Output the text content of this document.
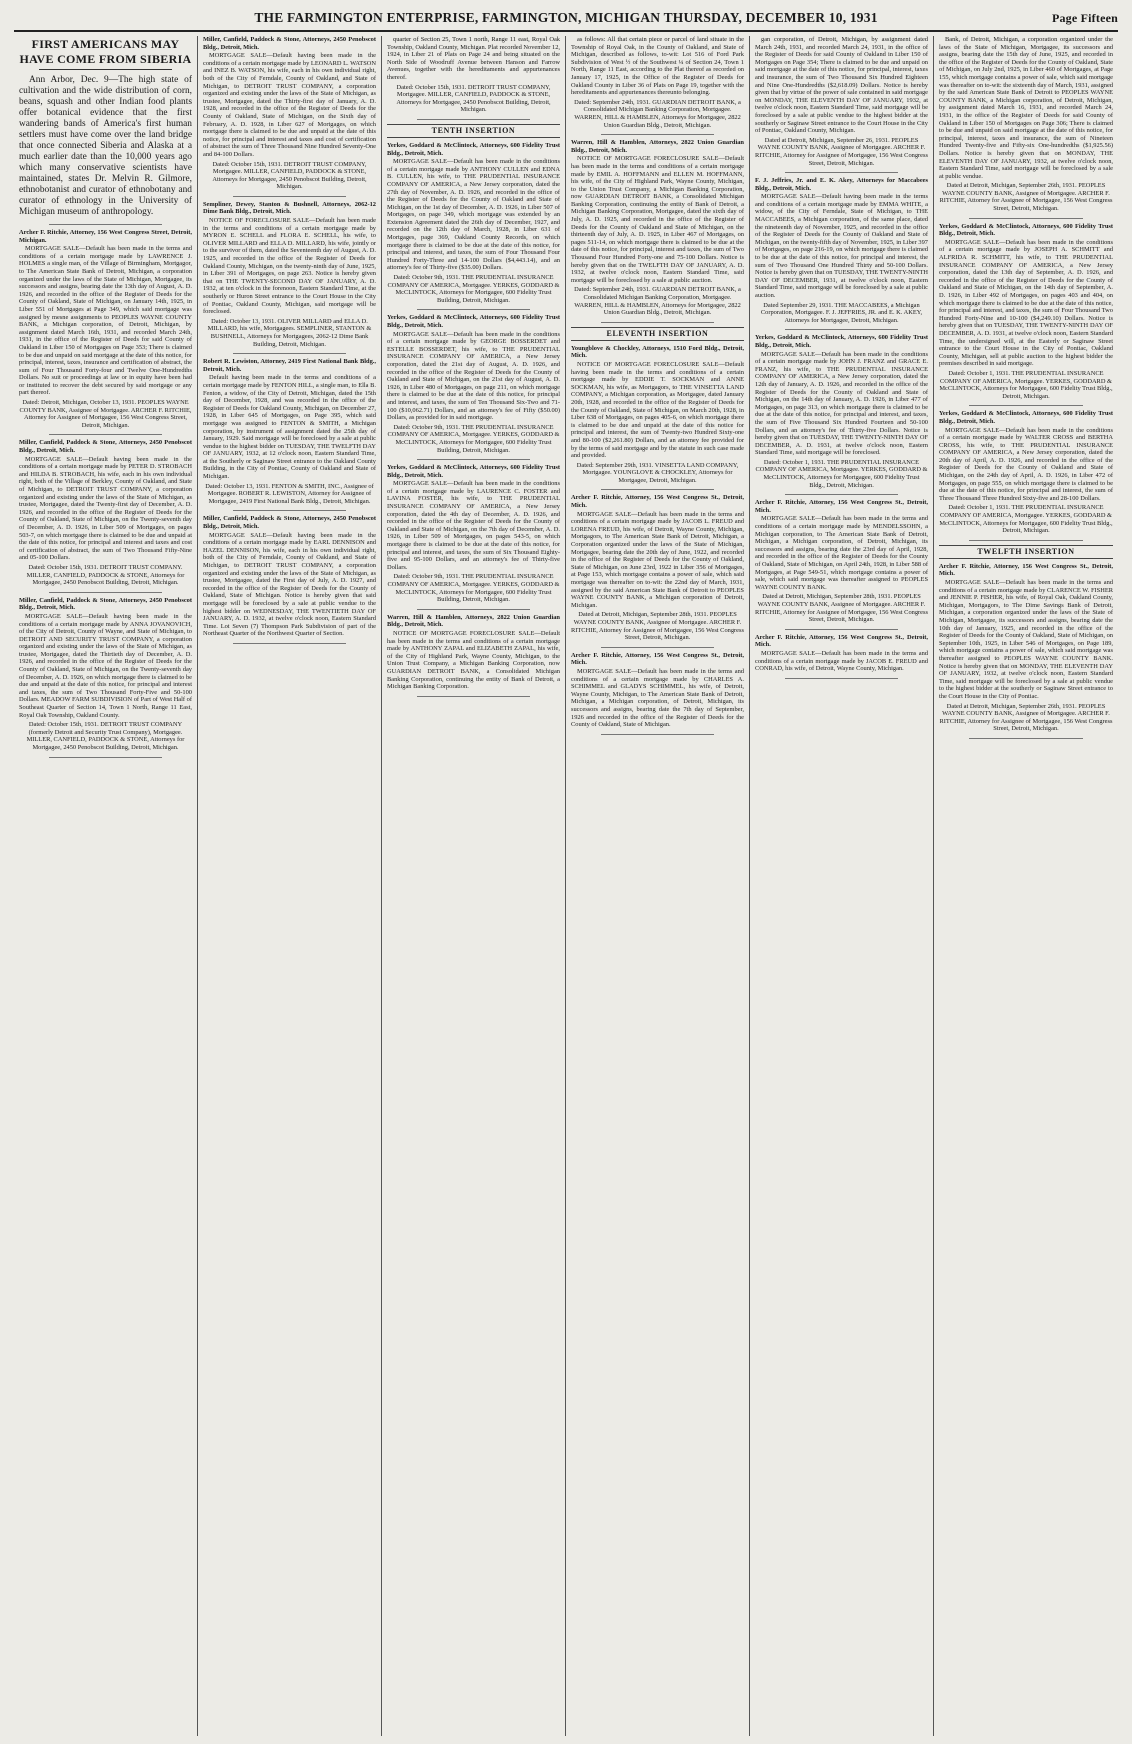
THE FARMINGTON ENTERPRISE, FARMINGTON, MICHIGAN THURSDAY, DECEMBER 10, 1931	Page Fifteen
FIRST AMERICANS MAY
HAVE COME FROM SIBERIA

Ann Arbor, Dec. 9—The high state of cultivation and the wide distribution of corn, beans, squash and other Indian food plants offer botanical evidence that the first wandering bands of America's first human settlers must have come over the land bridge that once connected Siberia and Alaska at a much earlier date than the 10,000 years ago which many conservative scientists have maintained, states Dr. Melvin R. Gilmore, ethnobotanist and curator of ethnobotany and curator of ethnology in the University of Michigan museum of anthropology.

Archer F. Ritchie, Attorney, 156 West Congress Street, Detroit, Michigan.
MORTGAGE SALE—Default has been made in the terms and conditions of a certain mortgage made by LAWRENCE J. HOLMES a single man, of the Village of Birmingham, Mortgagor, to The American State Bank of Detroit, Michigan, a corporation organized under the laws of the State of Michigan, Mortgagee, its successors and assigns, bearing date the 13th day of August, A. D. 1926, and recorded in the office of the Register of Deeds for the County of Oakland, State of Michigan, on January 14th, 1925, in Liber 551 of Mortgages at Page 349, which said mortgage was assigned by mesne assignments to PEOPLES WAYNE COUNTY BANK, a Michigan corporation, of Detroit, Michigan, by assignment dated March 16th, 1931, and recorded March 24th, 1931, in the office of the Register of Deeds for said County of Oakland in Liber 150 of Mortgages on Page 353; There is claimed to be due and unpaid on said mortgage at the date of this notice, for principal, interest, taxes, insurance and certification of abstract, the sum of Four Thousand Forty-four and Twelve One-Hundredths Dollars. No suit or proceedings at law or in equity have been had or instituted to recover the debt secured by said mortgage or any part thereof.
Dated: Detroit, Michigan, October 13, 1931. PEOPLES WAYNE COUNTY BANK, Assignee of Mortgagee. ARCHER F. RITCHIE, Attorney for Assignee of Mortgagee, 156 West Congress Street, Detroit, Michigan.
Miller, Canfield, Paddock & Stone, Attorneys, 2450 Penobscot Bldg., Detroit, Mich.
MORTGAGE SALE—Default having been made in the conditions of a certain mortgage made by PETER D. STROBACH and HILDA B. STROBACH, his wife, each in his own individual right, both of the Village of Berkley, County of Oakland, and State of Michigan, to DETROIT TRUST COMPANY, a corporation organized and existing under the laws of the State of Michigan, as trustee, Mortgagee, dated the Twenty-first day of December, A. D. 1926, and recorded in the office of the Register of Deeds for the County of Oakland, State of Michigan, on the Twenty-seventh day of December, A. D. 1926, in Liber 509 of Mortgages, on pages 503-7, on which mortgage there is claimed to be due and unpaid at the date of this notice, for principal and interest and taxes and cost of certification of abstract, the sum of Two Thousand Fifty-Nine and 05-100 Dollars.
Dated: October 15th, 1931. DETROIT TRUST COMPANY. MILLER, CANFIELD, PADDOCK & STONE, Attorneys for Mortgagee, 2450 Penobscot Building, Detroit, Michigan.
Miller, Canfield, Paddock & Stone, Attorneys, 2450 Penobscot Bldg., Detroit, Mich.
MORTGAGE SALE—Default having been made in the conditions of a certain mortgage made by ANNA JOVANOVICH, of the City of Detroit, County of Wayne, and State of Michigan, to DETROIT AND SECURITY TRUST COMPANY, a corporation organized and existing under the laws of the State of Michigan, as trustee, Mortgagee, dated the Thirtieth day of December, A. D. 1926, and recorded in the office of the Register of Deeds for the County of Oakland, State of Michigan, on the Twenty-seventh day of December, A. D. 1926, on which mortgage there is claimed to be due and unpaid at the date of this notice, for principal and interest and taxes, the sum of Two Thousand Forty-Five and 50-100 Dollars. MEADOW FARM SUBDIVISION of Part of West Half of Southeast Quarter of Section 14, Town 1 North, Range 11 East, Royal Oak Township, Oakland County.
Dated: October 15th, 1931. DETROIT TRUST COMPANY (formerly Detroit and Security Trust Company), Mortgagee. MILLER, CANFIELD, PADDOCK & STONE, Attorneys for Mortgagee, 2450 Penobscot Building, Detroit, Michigan.
Miller, Canfield, Paddock & Stone, Attorneys, 2450 Penobscot Bldg., Detroit, Mich.
MORTGAGE SALE—Default having been made in the conditions of a certain mortgage made by LEONARD L. WATSON and INEZ B. WATSON, his wife, each in his own individual right, both of the City of Ferndale, County of Oakland, and State of Michigan, to DETROIT TRUST COMPANY, a corporation organized and existing under the laws of the State of Michigan, as trustee, Mortgagee, dated the Thirty-first day of January, A. D. 1928, and recorded in the office of the Register of Deeds for the County of Oakland, State of Michigan, on the Sixth day of February, A. D. 1928, in Liber 627 of Mortgages, on which mortgage there is claimed to be due and unpaid at the date of this notice, for principal and interest and taxes and cost of certification of abstract the sum of Three Thousand Nine Hundred Seventy-One and 84-100 Dollars.
Dated: October 15th, 1931. DETROIT TRUST COMPANY, Mortgagee. MILLER, CANFIELD, PADDOCK & STONE, Attorneys for Mortgagee, 2450 Penobscot Building, Detroit, Michigan.
Sempliner, Dewey, Stanton & Bushnell, Attorneys, 2062-12 Dime Bank Bldg., Detroit, Mich.
NOTICE OF FORECLOSURE SALE—Default has been made in the terms and conditions of a certain mortgage made by MYRON E. SCHELL and FLORA E. SCHELL, his wife, to OLIVER MILLARD and ELLA D. MILLARD, his wife, jointly or to the survivor of them, dated the Seventeenth day of August, A. D. 1925, and recorded in the office of the Register of Deeds for Oakland County, Michigan, on the twenty-ninth day of June, 1925, in Liber 391 of Mortgages, on page 263. Notice is hereby given that on THE TWENTY-SECOND DAY OF JANUARY, A. D. 1932, at ten o'clock in the forenoon, Eastern Standard Time, at the southerly or Huron Street entrance to the Court House in the City of Pontiac, Oakland County, Michigan, said mortgage will be foreclosed.
Dated: October 13, 1931. OLIVER MILLARD and ELLA D. MILLARD, his wife, Mortgagees. SEMPLINER, STANTON & BUSHNELL, Attorneys for Mortgagees, 2062-12 Dime Bank Building, Detroit, Michigan.
Robert R. Lewiston, Attorney, 2419 First National Bank Bldg., Detroit, Mich.
Default having been made in the terms and conditions of a certain mortgage made by FENTON HILL, a single man, to Ella B. Fenton, a widow, of the City of Detroit, Michigan, dated the 15th day of December, 1928, and was recorded in the office of the Register of Deeds for Oakland County, Michigan, on December 27, 1928, in Liber 645 of Mortgages, on Page 395, which said mortgage was assigned to FENTON & SMITH, a Michigan corporation, by instrument of assignment dated the 25th day of January, 1929. Said mortgage will be foreclosed by a sale at public vendue to the highest bidder on TUESDAY, THE TWELFTH DAY OF JANUARY, 1932, at 12 o'clock noon, Eastern Standard Time, at the Southerly or Saginaw Street entrance to the Oakland County Building, in the City of Pontiac, County of Oakland and State of Michigan.
Dated: October 13, 1931. FENTON & SMITH, INC., Assignee of Mortgagee. ROBERT R. LEWISTON, Attorney for Assignee of Mortgagee, 2419 First National Bank Bldg., Detroit, Michigan.
Miller, Canfield, Paddock & Stone, Attorneys, 2450 Penobscot Bldg., Detroit, Mich.
MORTGAGE SALE—Default having been made in the conditions of a certain mortgage made by EARL DENNISON and HAZEL DENNISON, his wife, each in his own individual right, both of the City of Ferndale, County of Oakland, and State of Michigan, to DETROIT TRUST COMPANY, a corporation organized and existing under the laws of the State of Michigan, as trustee, Mortgagee, dated the First day of July, A. D. 1927, and recorded in the office of the Register of Deeds for the County of Oakland, State of Michigan. Notice is hereby given that said mortgage will be foreclosed by a sale at public vendue to the highest bidder on WEDNESDAY, THE TWENTIETH DAY OF JANUARY, A. D. 1932, at twelve o'clock noon, Eastern Standard Time. Lot Seven (7) Thompson Park Subdivision of part of the Northeast Quarter of the Northwest Quarter of Section.
quarter of Section 25, Town 1 north, Range 11 east, Royal Oak Township, Oakland County, Michigan. Plat recorded November 12, 1924, in Liber 21 of Plats on Page 24 and being situated on the North Side of Woodruff Avenue between Hanson and Farrow Avenues, together with the hereditaments and appurtenances thereof.
Dated: October 15th, 1931. DETROIT TRUST COMPANY, Mortgagee. MILLER, CANFIELD, PADDOCK & STONE, Attorneys for Mortgagee, 2450 Penobscot Building, Detroit, Michigan.
TENTH INSERTION
Yerkes, Goddard & McClintock, Attorneys, 600 Fidelity Trust Bldg., Detroit, Mich.
MORTGAGE SALE—Default has been made in the conditions of a certain mortgage made by ANTHONY CULLEN and EDNA B. CULLEN, his wife, to THE PRUDENTIAL INSURANCE COMPANY OF AMERICA, a New Jersey corporation, dated the 27th day of November, A. D. 1926, and recorded in the office of the Register of Deeds for the County of Oakland and State of Michigan, on the 1st day of December, A. D. 1926, in Liber 507 of Mortgages, on page 349, which mortgage was extended by an Extension Agreement dated the 26th day of December, 1927, and recorded on the 12th day of March, 1928, in Liber 631 of Mortgages, page 369, Oakland County Records, on which mortgage there is claimed to be due at the date of this notice, for principal and interest, and taxes, the sum of Four Thousand Four Hundred Forty-Three and 14-100 Dollars ($4,443.14), and an attorney's fee of Thirty-five ($35.00) Dollars.
Dated: October 9th, 1931. THE PRUDENTIAL INSURANCE COMPANY OF AMERICA, Mortgagee. YERKES, GODDARD & McCLINTOCK, Attorneys for Mortgagee, 600 Fidelity Trust Building, Detroit, Michigan.
Yerkes, Goddard & McClintock, Attorneys, 600 Fidelity Trust Bldg., Detroit, Mich.
MORTGAGE SALE—Default has been made in the conditions of a certain mortgage made by GEORGE BOSSERDET and ESTELLE BOSSERDET, his wife, to THE PRUDENTIAL INSURANCE COMPANY OF AMERICA, a New Jersey corporation, dated the 21st day of August, A. D. 1926, and recorded in the office of the Register of Deeds for the County of Oakland and State of Michigan, on the 21st day of August, A. D. 1926, in Liber 480 of Mortgages, on page 211, on which mortgage there is claimed to be due at the date of this notice, for principal and interest, and taxes, the sum of Ten Thousand Six-Two and 71-100 ($10,062.71) Dollars, and an attorney's fee of Fifty ($50.00) Dollars, as provided for in said mortgage.
Dated: October 9th, 1931. THE PRUDENTIAL INSURANCE COMPANY OF AMERICA, Mortgagee. YERKES, GODDARD & McCLINTOCK, Attorneys for Mortgagee, 600 Fidelity Trust Building, Detroit, Michigan.
Yerkes, Goddard & McClintock, Attorneys, 600 Fidelity Trust Bldg., Detroit, Mich.
MORTGAGE SALE—Default has been made in the conditions of a certain mortgage made by LAURENCE C. FOSTER and LAVINA FOSTER, his wife, to THE PRUDENTIAL INSURANCE COMPANY OF AMERICA, a New Jersey corporation, dated the 4th day of December, A. D. 1926, and recorded in the office of the Register of Deeds for the County of Oakland and State of Michigan, on the 7th day of December, A. D. 1926, in Liber 509 of Mortgages, on pages 543-5, on which mortgage there is claimed to be due at the date of this notice, for principal and interest, and taxes, the sum of Six Thousand Eighty-five and 95-100 Dollars, and an attorney's fee of Thirty-five Dollars.
Dated: October 9th, 1931. THE PRUDENTIAL INSURANCE COMPANY OF AMERICA, Mortgagee. YERKES, GODDARD & McCLINTOCK, Attorneys for Mortgagee, 600 Fidelity Trust Building, Detroit, Michigan.
Warren, Hill & Hamblen, Attorneys, 2822 Union Guardian Bldg., Detroit, Mich.
NOTICE OF MORTGAGE FORECLOSURE SALE—Default has been made in the terms and conditions of a certain mortgage made by ANTHONY ZAPAL and ELIZABETH ZAPAL, his wife, of the City of Highland Park, Wayne County, Michigan, to the Union Trust Company, a Michigan Banking Corporation, now GUARDIAN DETROIT BANK, a Consolidated Michigan Banking Corporation, continuing the entity of Bank of Detroit, a Michigan Banking Corporation.
as follows: All that certain piece or parcel of land situate in the Township of Royal Oak, in the County of Oakland, and State of Michigan, described as follows, to-wit: Lot 516 of Ford Park Subdivision of West ½ of the Southwest ¼ of Section 24, Town 1 North, Range 11 East, according to the Plat thereof as recorded on January 17, 1925, in the Office of the Register of Deeds for Oakland County in Liber 36 of Plats on Page 19, together with the hereditaments and appurtenances thereunto belonging.
Dated: September 24th, 1931. GUARDIAN DETROIT BANK, a Consolidated Michigan Banking Corporation, Mortgagee. WARREN, HILL & HAMBLEN, Attorneys for Mortgagee, 2822 Union Guardian Bldg., Detroit, Michigan.
Warren, Hill & Hamblen, Attorneys, 2822 Union Guardian Bldg., Detroit, Mich.
NOTICE OF MORTGAGE FORECLOSURE SALE—Default has been made in the terms and conditions of a certain mortgage made by EMIL A. HOFFMANN and ELLEN M. HOFFMANN, his wife, of the City of Highland Park, Wayne County, Michigan, to the Union Trust Company, a Michigan Banking Corporation, now GUARDIAN DETROIT BANK, a Consolidated Michigan Banking Corporation, continuing the entity of Bank of Detroit, a Michigan Banking Corporation, Mortgagee, dated the sixth day of July, A. D. 1925, and recorded in the office of the Register of Deeds for the County of Oakland and State of Michigan, on the thirteenth day of July, A. D. 1925, in Liber 467 of Mortgages, on pages 511-14, on which mortgage there is claimed to be due at the date of this notice, for principal, interest and taxes, the sum of Two Thousand Four Hundred Forty-one and 75-100 Dollars. Notice is hereby given that on the TWELFTH DAY OF JANUARY, A. D. 1932, at twelve o'clock noon, Eastern Standard Time, said mortgage will be foreclosed by a sale at public auction.
Dated: September 24th, 1931. GUARDIAN DETROIT BANK, a Consolidated Michigan Banking Corporation, Mortgagee. WARREN, HILL & HAMBLEN, Attorneys for Mortgagee, 2822 Union Guardian Bldg., Detroit, Michigan.
ELEVENTH INSERTION
Youngblove & Chockley, Attorneys, 1510 Ford Bldg., Detroit, Mich.
NOTICE OF MORTGAGE FORECLOSURE SALE—Default having been made in the terms and conditions of a certain mortgage made by EDDIE T. SOCKMAN and ANNE SOCKMAN, his wife, as Mortgagors, to THE VINSETTA LAND COMPANY, a Michigan corporation, as Mortgagee, dated January 20th, 1928, and recorded in the office of the Register of Deeds for the County of Oakland, State of Michigan, on March 20th, 1928, in Liber 638 of Mortgages, on pages 405-6, on which mortgage there is claimed to be due and unpaid at the date of this notice for principal and interest, the sum of Twenty-two Hundred Sixty-one and 80-100 ($2,261.80) Dollars, and an attorney fee provided for by the terms of said mortgage and by the statute in such case made and provided.
Dated: September 29th, 1931. VINSETTA LAND COMPANY, Mortgagee. YOUNGLOVE & CHOCKLEY, Attorneys for Mortgagee, Detroit, Michigan.
Archer F. Ritchie, Attorney, 156 West Congress St., Detroit, Mich.
MORTGAGE SALE—Default has been made in the terms and conditions of a certain mortgage made by JACOB L. FREUD and LORENA FREUD, his wife, of Detroit, Wayne County, Michigan, Mortgagors, to The American State Bank of Detroit, Michigan, a Corporation organized under the laws of the State of Michigan, Mortgagee, bearing date the 20th day of June, 1922, and recorded in the office of the Register of Deeds for the County of Oakland, State of Michigan, on June 23rd, 1922 in Liber 356 of Mortgages, at Page 153, which mortgage contains a power of sale, which said mortgage was thereafter on to-wit: the 22nd day of March, 1931, assigned by the said American State Bank of Detroit to PEOPLES WAYNE COUNTY BANK, a Michigan corporation of Detroit, Michigan.
Dated at Detroit, Michigan, September 28th, 1931. PEOPLES WAYNE COUNTY BANK, Assignee of Mortgagee. ARCHER F. RITCHIE, Attorney for Assignee of Mortgagee, 156 West Congress Street, Detroit, Michigan.
Archer F. Ritchie, Attorney, 156 West Congress St., Detroit, Mich.
MORTGAGE SALE—Default has been made in the terms and conditions of a certain mortgage made by CHARLES A. SCHIMMEL and GLADYS SCHIMMEL, his wife, of Detroit, Wayne County, Michigan, to The American State Bank of Detroit, Michigan, a Michigan corporation, of Detroit, Michigan, its successors and assigns, bearing date the 7th day of September, 1926 and recorded in the office of the Register of Deeds for the County of Oakland, State of Michigan.
gan corporation, of Detroit, Michigan, by assignment dated March 24th, 1931, and recorded March 24, 1931, in the office of the Register of Deeds for said County of Oakland in Liber 150 of Mortgages on Page 354; There is claimed to be due and unpaid on said mortgage at the date of this notice, for principal, interest, taxes and insurance, the sum of Two Thousand Six Hundred Eighteen and Nine One-Hundredths ($2,618.09) Dollars. Notice is hereby given that by virtue of the power of sale contained in said mortgage on MONDAY, THE ELEVENTH DAY OF JANUARY, 1932, at twelve o'clock noon, Eastern Standard Time, said mortgage will be foreclosed by a sale at public vendue to the highest bidder at the southerly or Saginaw Street entrance to the Court House in the City of Pontiac, Oakland County, Michigan.
Dated at Detroit, Michigan, September 26, 1931. PEOPLES WAYNE COUNTY BANK, Assignee of Mortgagee. ARCHER F. RITCHIE, Attorney for Assignee of Mortgagee, 156 West Congress Street, Detroit, Michigan.
F. J. Jeffries, Jr. and E. K. Akey, Attorneys for Maccabees Bldg., Detroit, Mich.
MORTGAGE SALE—Default having been made in the terms and conditions of a certain mortgage made by EMMA WHITE, a widow, of the City of Ferndale, State of Michigan, to THE MACCABEES, a Michigan corporation, of the same place, dated the nineteenth day of November, 1925, and recorded in the office of the Register of Deeds for the County of Oakland and State of Michigan, on the twenty-fifth day of November, 1925, in Liber 397 of Mortgages, on page 216-19, on which mortgage there is claimed to be due at the date of this notice, for principal and interest, the sum of Two Thousand One Hundred Thirty and 50-100 Dollars. Notice is hereby given that on TUESDAY, THE TWENTY-NINTH DAY OF DECEMBER, 1931, at twelve o'clock noon, Eastern Standard Time, said mortgage will be foreclosed by a sale at public auction.
Dated September 29, 1931. THE MACCABEES, a Michigan Corporation, Mortgagee. F. J. JEFFRIES, JR. and E. K. AKEY, Attorneys for Mortgagee, Detroit, Michigan.
Yerkes, Goddard & McClintock, Attorneys, 600 Fidelity Trust Bldg., Detroit, Mich.
MORTGAGE SALE—Default has been made in the conditions of a certain mortgage made by JOHN J. FRANZ and GRACE E. FRANZ, his wife, to THE PRUDENTIAL INSURANCE COMPANY OF AMERICA, a New Jersey corporation, dated the 12th day of January, A. D. 1926, and recorded in the office of the Register of Deeds for the County of Oakland and State of Michigan, on the 14th day of January, A. D. 1926, in Liber 477 of Mortgages, on page 313, on which mortgage there is claimed to be due at the date of this notice, for principal and interest, and taxes, the sum of Five Thousand Six Hundred Fourteen and 50-100 Dollars, and an attorney's fee of Thirty-five Dollars. Notice is hereby given that on TUESDAY, THE TWENTY-NINTH DAY OF DECEMBER, A. D. 1931, at twelve o'clock noon, Eastern Standard Time, said mortgage will be foreclosed.
Dated: October 1, 1931. THE PRUDENTIAL INSURANCE COMPANY OF AMERICA, Mortgagee. YERKES, GODDARD & McCLINTOCK, Attorneys for Mortgagee, 600 Fidelity Trust Bldg., Detroit, Michigan.
Archer F. Ritchie, Attorney, 156 West Congress St., Detroit, Mich.
MORTGAGE SALE—Default has been made in the terms and conditions of a certain mortgage made by MENDELSSOHN, a Michigan corporation, to The American State Bank of Detroit, Michigan, a Michigan corporation, of Detroit, Michigan, its successors and assigns, bearing date the 23rd day of April, 1928, and recorded in the office of the Register of Deeds for the County of Oakland, State of Michigan, on April 24th, 1928, in Liber 588 of Mortgages, at Page 549-51, which mortgage contains a power of sale, which said mortgage was thereafter assigned to PEOPLES WAYNE COUNTY BANK.
Dated at Detroit, Michigan, September 28th, 1931. PEOPLES WAYNE COUNTY BANK, Assignee of Mortgagee. ARCHER F. RITCHIE, Attorney for Assignee of Mortgagee, 156 West Congress Street, Detroit, Michigan.
Archer F. Ritchie, Attorney, 156 West Congress St., Detroit, Mich.
MORTGAGE SALE—Default has been made in the terms and conditions of a certain mortgage made by JACOB E. FREUD and CONRAD, his wife, of Detroit, Wayne County, Michigan.
Bank, of Detroit, Michigan, a corporation organized under the laws of the State of Michigan, Mortgagee, its successors and assigns, bearing date the 15th day of June, 1925, and recorded in the office of the Register of Deeds for the County of Oakland, State of Michigan, on July 2nd, 1925, in Liber 460 of Mortgages, at Page 155, which mortgage contains a power of sale, which said mortgage was thereafter on to-wit: the sixteenth day of March, 1931, assigned by the said American State Bank of Detroit to PEOPLES WAYNE COUNTY BANK, a Michigan corporation, of Detroit, Michigan, by assignment dated March 16, 1931, and recorded March 24, 1931, in the office of the Register of Deeds for said County of Oakland in Liber 150 of Mortgages on Page 306; There is claimed to be due and unpaid on said mortgage at the date of this notice, for principal, interest, taxes and insurance, the sum of Nineteen Hundred Twenty-five and Fifty-six One-hundredths ($1,925.56) Dollars. Notice is hereby given that on MONDAY, THE ELEVENTH DAY OF JANUARY, 1932, at twelve o'clock noon, Eastern Standard Time, said mortgage will be foreclosed by a sale at public vendue.
Dated at Detroit, Michigan, September 26th, 1931. PEOPLES WAYNE COUNTY BANK, Assignee of Mortgagee. ARCHER F. RITCHIE, Attorney for Assignee of Mortgagee, 156 West Congress Street, Detroit, Michigan.
Yerkes, Goddard & McClintock, Attorneys, 600 Fidelity Trust Bldg., Detroit, Mich.
MORTGAGE SALE—Default has been made in the conditions of a certain mortgage made by JOSEPH A. SCHMITT and ALFRIDA R. SCHMITT, his wife, to THE PRUDENTIAL INSURANCE COMPANY OF AMERICA, a New Jersey corporation, dated the 13th day of September, A. D. 1926, and recorded in the office of the Register of Deeds for the County of Oakland and State of Michigan, on the 14th day of September, A. D. 1926, in Liber 492 of Mortgages, on pages 403 and 404, on which mortgage there is claimed to be due at the date of this notice, for principal and interest, and taxes, the sum of Four Thousand Two Hundred Forty-Nine and 10-100 ($4,249.10) Dollars. Notice is hereby given that on TUESDAY, THE TWENTY-NINTH DAY OF DECEMBER, A. D. 1931, at twelve o'clock noon, Eastern Standard Time, the undersigned will, at the Easterly or Saginaw Street entrance to the Court House in the City of Pontiac, Oakland County, Michigan, sell at public auction to the highest bidder the premises described in said mortgage.
Dated: October 1, 1931. THE PRUDENTIAL INSURANCE COMPANY OF AMERICA, Mortgagee. YERKES, GODDARD & McCLINTOCK, Attorneys for Mortgagee, 600 Fidelity Trust Bldg., Detroit, Michigan.
Yerkes, Goddard & McClintock, Attorneys, 600 Fidelity Trust Bldg., Detroit, Mich.
MORTGAGE SALE—Default has been made in the conditions of a certain mortgage made by WALTER CROSS and BERTHA CROSS, his wife, to THE PRUDENTIAL INSURANCE COMPANY OF AMERICA, a New Jersey corporation, dated the 20th day of April, A. D. 1926, and recorded in the office of the Register of Deeds for the County of Oakland and State of Michigan, on the 24th day of April, A. D. 1926, in Liber 472 of Mortgages, on page 555, on which mortgage there is claimed to be due at the date of this notice, for principal and interest, the sum of Three Thousand Three Hundred Sixty-five and 28-100 Dollars.
Dated: October 1, 1931. THE PRUDENTIAL INSURANCE COMPANY OF AMERICA, Mortgagee. YERKES, GODDARD & McCLINTOCK, Attorneys for Mortgagee, 600 Fidelity Trust Bldg., Detroit, Michigan.
TWELFTH INSERTION
Archer F. Ritchie, Attorney, 156 West Congress St., Detroit, Mich.
MORTGAGE SALE—Default has been made in the terms and conditions of a certain mortgage made by CLARENCE W. FISHER and JENNIE P. FISHER, his wife, of Royal Oak, Oakland County, Michigan, Mortgagors, to The Dime Savings Bank of Detroit, Michigan, a corporation organized under the laws of the State of Michigan, Mortgagee, its successors and assigns, bearing date the 10th day of January, 1925, and recorded in the office of the Register of Deeds for the County of Oakland, State of Michigan, on September 10th, 1925, in Liber 546 of Mortgages, on Page 189, which mortgage contains a power of sale, which said mortgage was thereafter assigned to PEOPLES WAYNE COUNTY BANK. Notice is hereby given that on MONDAY, THE ELEVENTH DAY OF JANUARY, 1932, at twelve o'clock noon, Eastern Standard Time, said mortgage will be foreclosed by a sale at public vendue to the highest bidder at the southerly or Saginaw Street entrance to the Court House in the City of Pontiac.
Dated at Detroit, Michigan, September 26th, 1931. PEOPLES WAYNE COUNTY BANK, Assignee of Mortgagee. ARCHER F. RITCHIE, Attorney for Assignee of Mortgagee, 156 West Congress Street, Detroit, Michigan.
